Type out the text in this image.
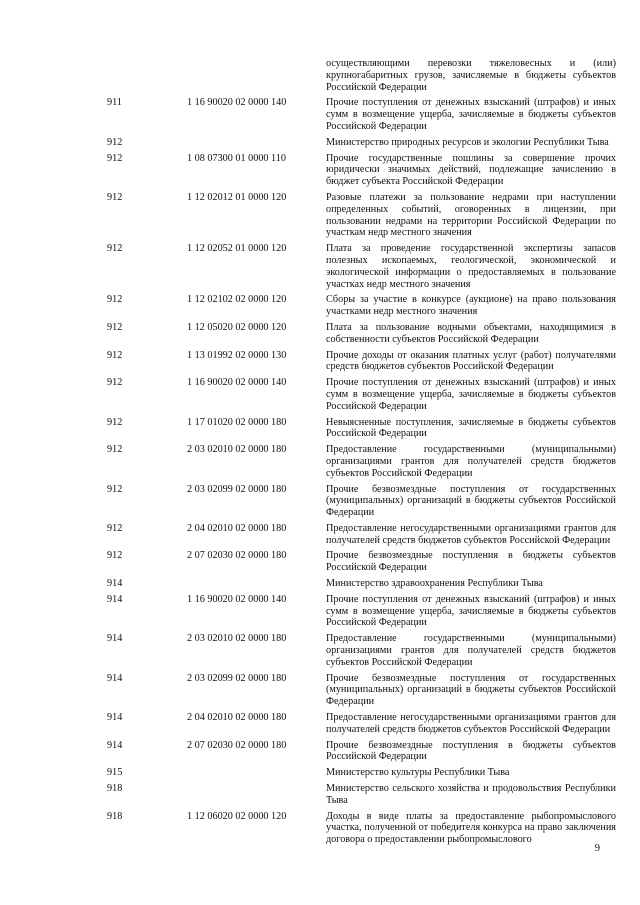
осуществляющими перевозки тяжеловесных и (или) крупногабаритных грузов, зачисляемые в бюджеты субъектов Российской Федерации
911	1 16 90020 02 0000 140	Прочие поступления от денежных взысканий (штрафов) и иных сумм в возмещение ущерба, зачисляемые в бюджеты субъектов Российской Федерации
912	Министерство природных ресурсов и экологии Республики Тыва
912	1 08 07300 01 0000 110	Прочие государственные пошлины за совершение прочих юридически значимых действий, подлежащие зачислению в бюджет субъекта Российской Федерации
912	1 12 02012 01 0000 120	Разовые платежи за пользование недрами при наступлении определенных событий, оговоренных в лицензии, при пользовании недрами на территории Российской Федерации по участкам недр местного значения
912	1 12 02052 01 0000 120	Плата за проведение государственной экспертизы запасов полезных ископаемых, геологической, экономической и экологической информации о предоставляемых в пользование участках недр местного значения
912	1 12 02102 02 0000 120	Сборы за участие в конкурсе (аукционе) на право пользования участками недр местного значения
912	1 12 05020 02 0000 120	Плата за пользование водными объектами, находящимися в собственности субъектов Российской Федерации
912	1 13 01992 02 0000 130	Прочие доходы от оказания платных услуг (работ) получателями средств бюджетов субъектов Российской Федерации
912	1 16 90020 02 0000 140	Прочие поступления от денежных взысканий (штрафов) и иных сумм в возмещение ущерба, зачисляемые в бюджеты субъектов Российской Федерации
912	1 17 01020 02 0000 180	Невыясненные поступления, зачисляемые в бюджеты субъектов Российской Федерации
912	2 03 02010 02 0000 180	Предоставление государственными (муниципальными) организациями грантов для получателей средств бюджетов субъектов Российской Федерации
912	2 03 02099 02 0000 180	Прочие безвозмездные поступления от государственных (муниципальных) организаций в бюджеты субъектов Российской Федерации
912	2 04 02010 02 0000 180	Предоставление негосударственными организациями грантов для получателей средств бюджетов субъектов Российской Федерации
912	2 07 02030 02 0000 180	Прочие безвозмездные поступления в бюджеты субъектов Российской Федерации
914	Министерство здравоохранения Республики Тыва
914	1 16 90020 02 0000 140	Прочие поступления от денежных взысканий (штрафов) и иных сумм в возмещение ущерба, зачисляемые в бюджеты субъектов Российской Федерации
914	2 03 02010 02 0000 180	Предоставление государственными (муниципальными) организациями грантов для получателей средств бюджетов субъектов Российской Федерации
914	2 03 02099 02 0000 180	Прочие безвозмездные поступления от государственных (муниципальных) организаций в бюджеты субъектов Российской Федерации
914	2 04 02010 02 0000 180	Предоставление негосударственными организациями грантов для получателей средств бюджетов субъектов Российской Федерации
914	2 07 02030 02 0000 180	Прочие безвозмездные поступления в бюджеты субъектов Российской Федерации
915	Министерство культуры Республики Тыва
918	Министерство сельского хозяйства и продовольствия Республики Тыва
918	1 12 06020 02 0000 120	Доходы в виде платы за предоставление рыбопромыслового участка, полученной от победителя конкурса на право заключения договора о предоставлении рыбопромыслового
9
